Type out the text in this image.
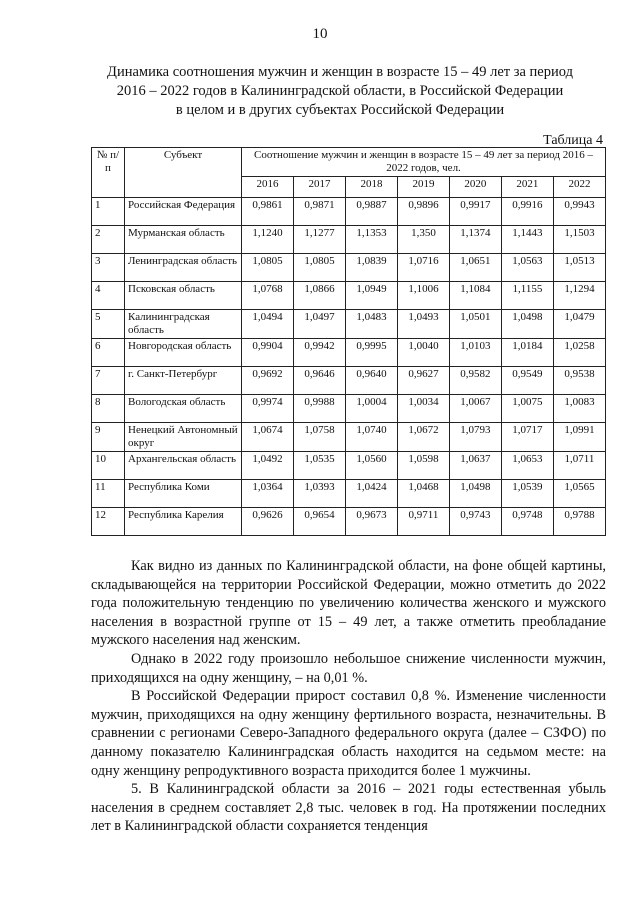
10
Динамика соотношения мужчин и женщин в возрасте 15 – 49 лет за период
2016 – 2022 годов в Калининградской области, в Российской Федерации
в целом и в других субъектах Российской Федерации
Таблица 4
№ п/п	Субъект	Соотношение мужчин и женщин в возрасте 15 – 49 лет за период 2016 – 2022 годов, чел.						
		2016	2017	2018	2019	2020	2021	2022
1	Российская Федерация	0,9861	0,9871	0,9887	0,9896	0,9917	0,9916	0,9943
2	Мурманская область	1,1240	1,1277	1,1353	1,350	1,1374	1,1443	1,1503
3	Ленинградская область	1,0805	1,0805	1,0839	1,0716	1,0651	1,0563	1,0513
4	Псковская область	1,0768	1,0866	1,0949	1,1006	1,1084	1,1155	1,1294
5	Калининградская область	1,0494	1,0497	1,0483	1,0493	1,0501	1,0498	1,0479
6	Новгородская область	0,9904	0,9942	0,9995	1,0040	1,0103	1,0184	1,0258
7	г. Санкт-Петербург	0,9692	0,9646	0,9640	0,9627	0,9582	0,9549	0,9538
8	Вологодская область	0,9974	0,9988	1,0004	1,0034	1,0067	1,0075	1,0083
9	Ненецкий Автономный округ	1,0674	1,0758	1,0740	1,0672	1,0793	1,0717	1,0991
10	Архангельская область	1,0492	1,0535	1,0560	1,0598	1,0637	1,0653	1,0711
11	Республика Коми	1,0364	1,0393	1,0424	1,0468	1,0498	1,0539	1,0565
12	Республика Карелия	0,9626	0,9654	0,9673	0,9711	0,9743	0,9748	0,9788

Как видно из данных по Калининградской области, на фоне общей картины, складывающейся на территории Российской Федерации, можно отметить до 2022 года положительную тенденцию по увеличению количества женского и мужского населения в возрастной группе от 15 – 49 лет, а также отметить преобладание мужского населения над женским.

Однако в 2022 году произошло небольшое снижение численности мужчин, приходящихся на одну женщину, – на 0,01 %.

В Российской Федерации прирост составил 0,8 %. Изменение численности мужчин, приходящихся на одну женщину фертильного возраста, незначительны. В сравнении с регионами Северо-Западного федерального округа (далее – СЗФО) по данному показателю Калининградская область находится на седьмом месте: на одну женщину репродуктивного возраста приходится более 1 мужчины.

5. В Калининградской области за 2016 – 2021 годы естественная убыль населения в среднем составляет 2,8 тыс. человек в год. На протяжении последних лет в Калининградской области сохраняется тенденция
